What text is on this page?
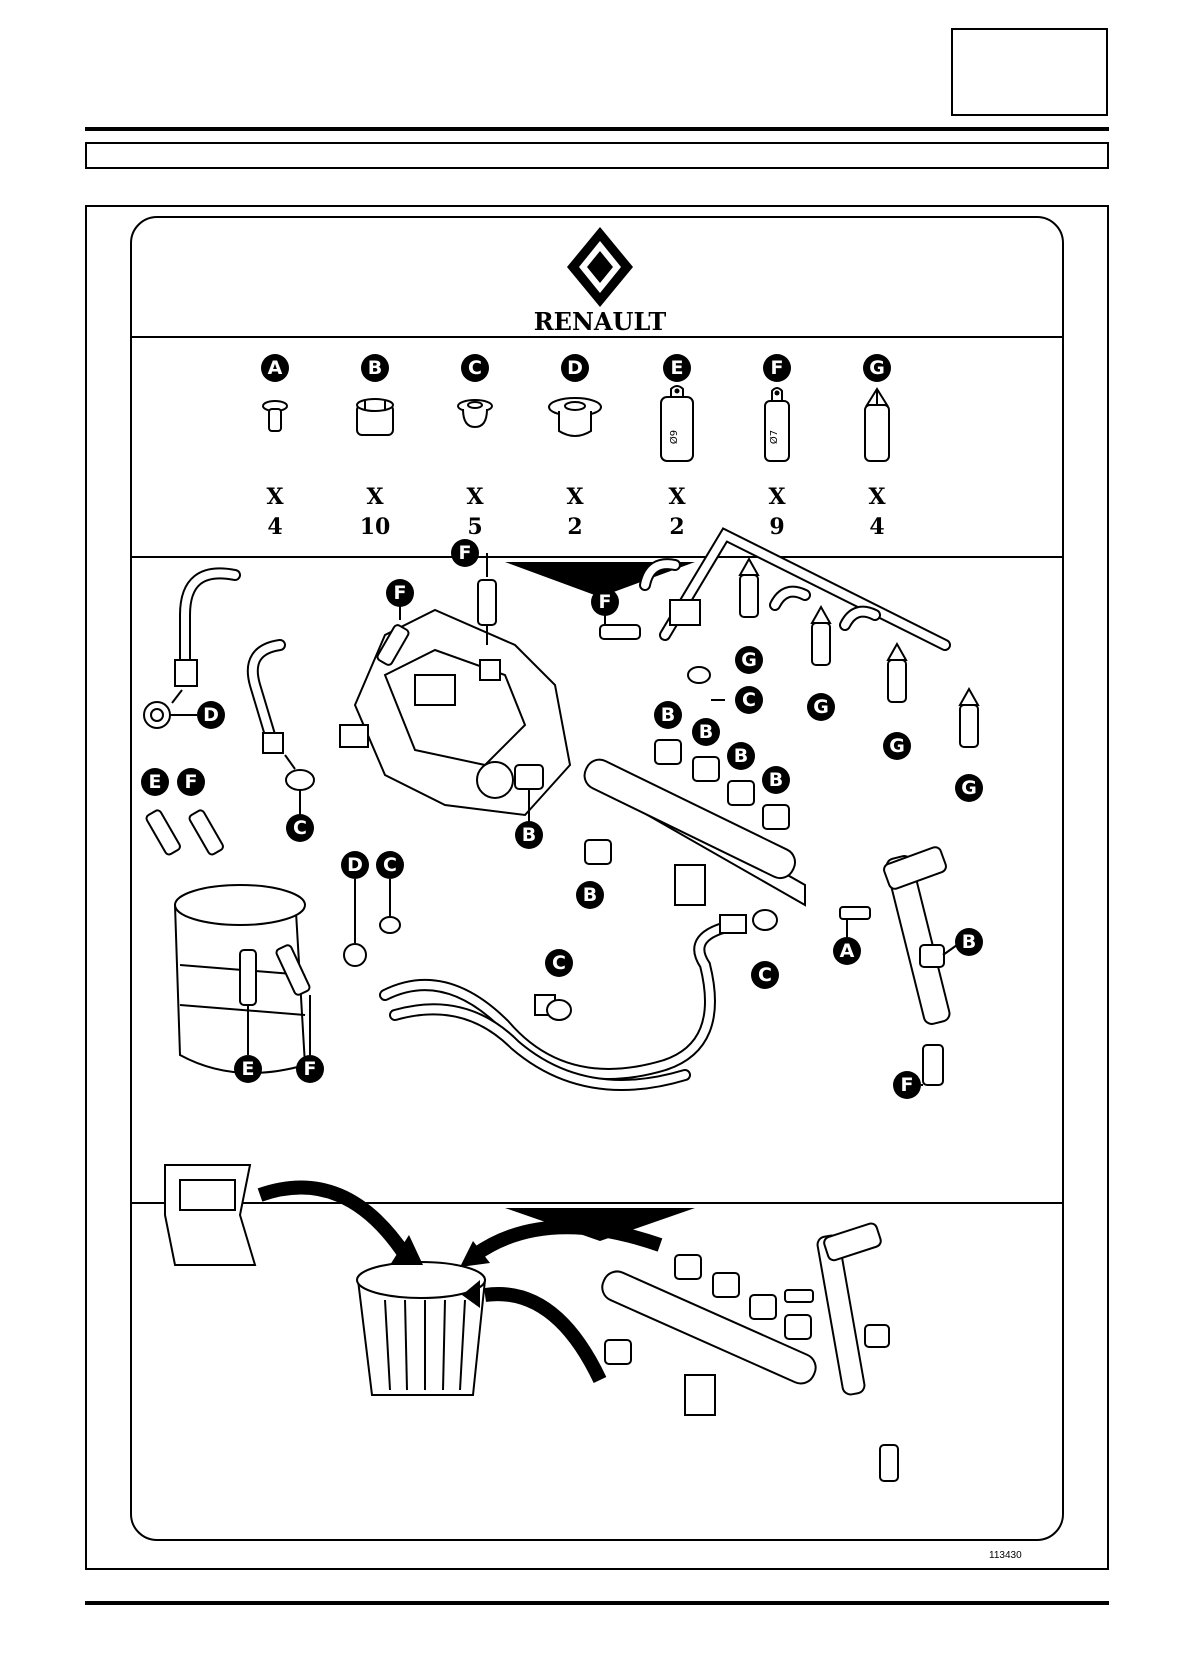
RENAULT
A
X
4
B
X
10
C
X
5
D
X
2
E
Ø9
X
2
F
Ø7
X
9
G
X
4
D
C
F
F
B
F
C
G
G
G
G
B
B
B
B
B
A	B
F
E F
E	F
D C
C
C
113430
